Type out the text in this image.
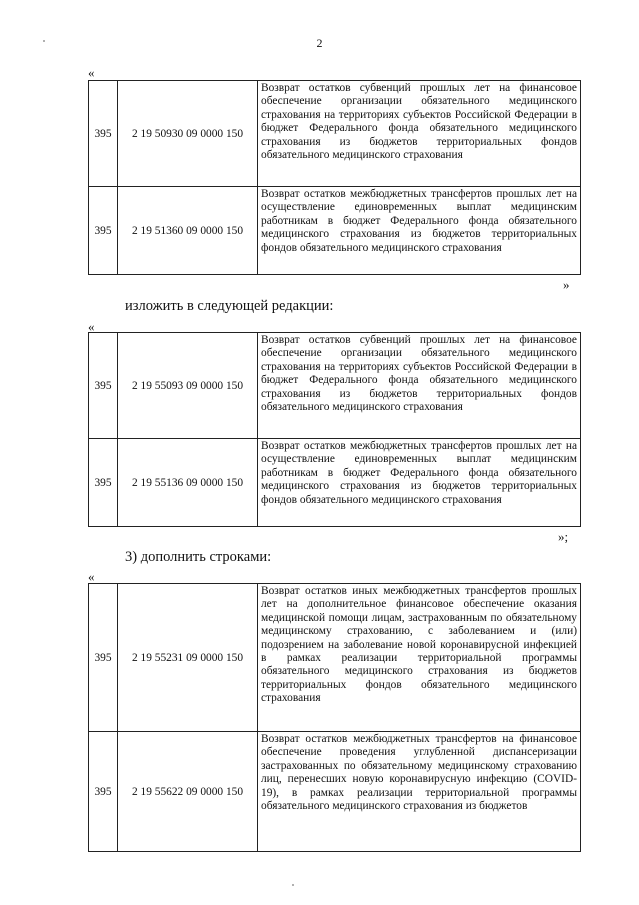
2
«
395	2 19 50930 09 0000 150	Возврат остатков субвенций прошлых лет на финансовое обеспечение организации обязательного медицинского страхования на территориях субъектов Российской Федерации в бюджет Федерального фонда обязательного медицинского страхования из бюджетов территориальных фондов обязательного медицинского страхования
395	2 19 51360 09 0000 150	Возврат остатков межбюджетных трансфертов прошлых лет на осуществление единовременных выплат медицинским работникам в бюджет Федерального фонда обязательного медицинского страхования из бюджетов территориальных фондов обязательного медицинского страхования
»
изложить в следующей редакции:
«
395	2 19 55093 09 0000 150	Возврат остатков субвенций прошлых лет на финансовое обеспечение организации обязательного медицинского страхования на территориях субъектов Российской Федерации в бюджет Федерального фонда обязательного медицинского страхования из бюджетов территориальных фондов обязательного медицинского страхования
395	2 19 55136 09 0000 150	Возврат остатков межбюджетных трансфертов прошлых лет на осуществление единовременных выплат медицинским работникам в бюджет Федерального фонда обязательного медицинского страхования из бюджетов территориальных фондов обязательного медицинского страхования
»;
3) дополнить строками:
«
395	2 19 55231 09 0000 150	Возврат остатков иных межбюджетных трансфертов прошлых лет на дополнительное финансовое обеспечение оказания медицинской помощи лицам, застрахованным по обязательному медицинскому страхованию, с заболеванием и (или) подозрением на заболевание новой коронавирусной инфекцией в рамках реализации территориальной программы обязательного медицинского страхования из бюджетов территориальных фондов обязательного медицинского страхования
395	2 19 55622 09 0000 150	Возврат остатков межбюджетных трансфертов на финансовое обеспечение проведения углубленной диспансеризации застрахованных по обязательному медицинскому страхованию лиц, перенесших новую коронавирусную инфекцию (COVID-19), в рамках реализации территориальной программы обязательного медицинского страхования из бюджетов
